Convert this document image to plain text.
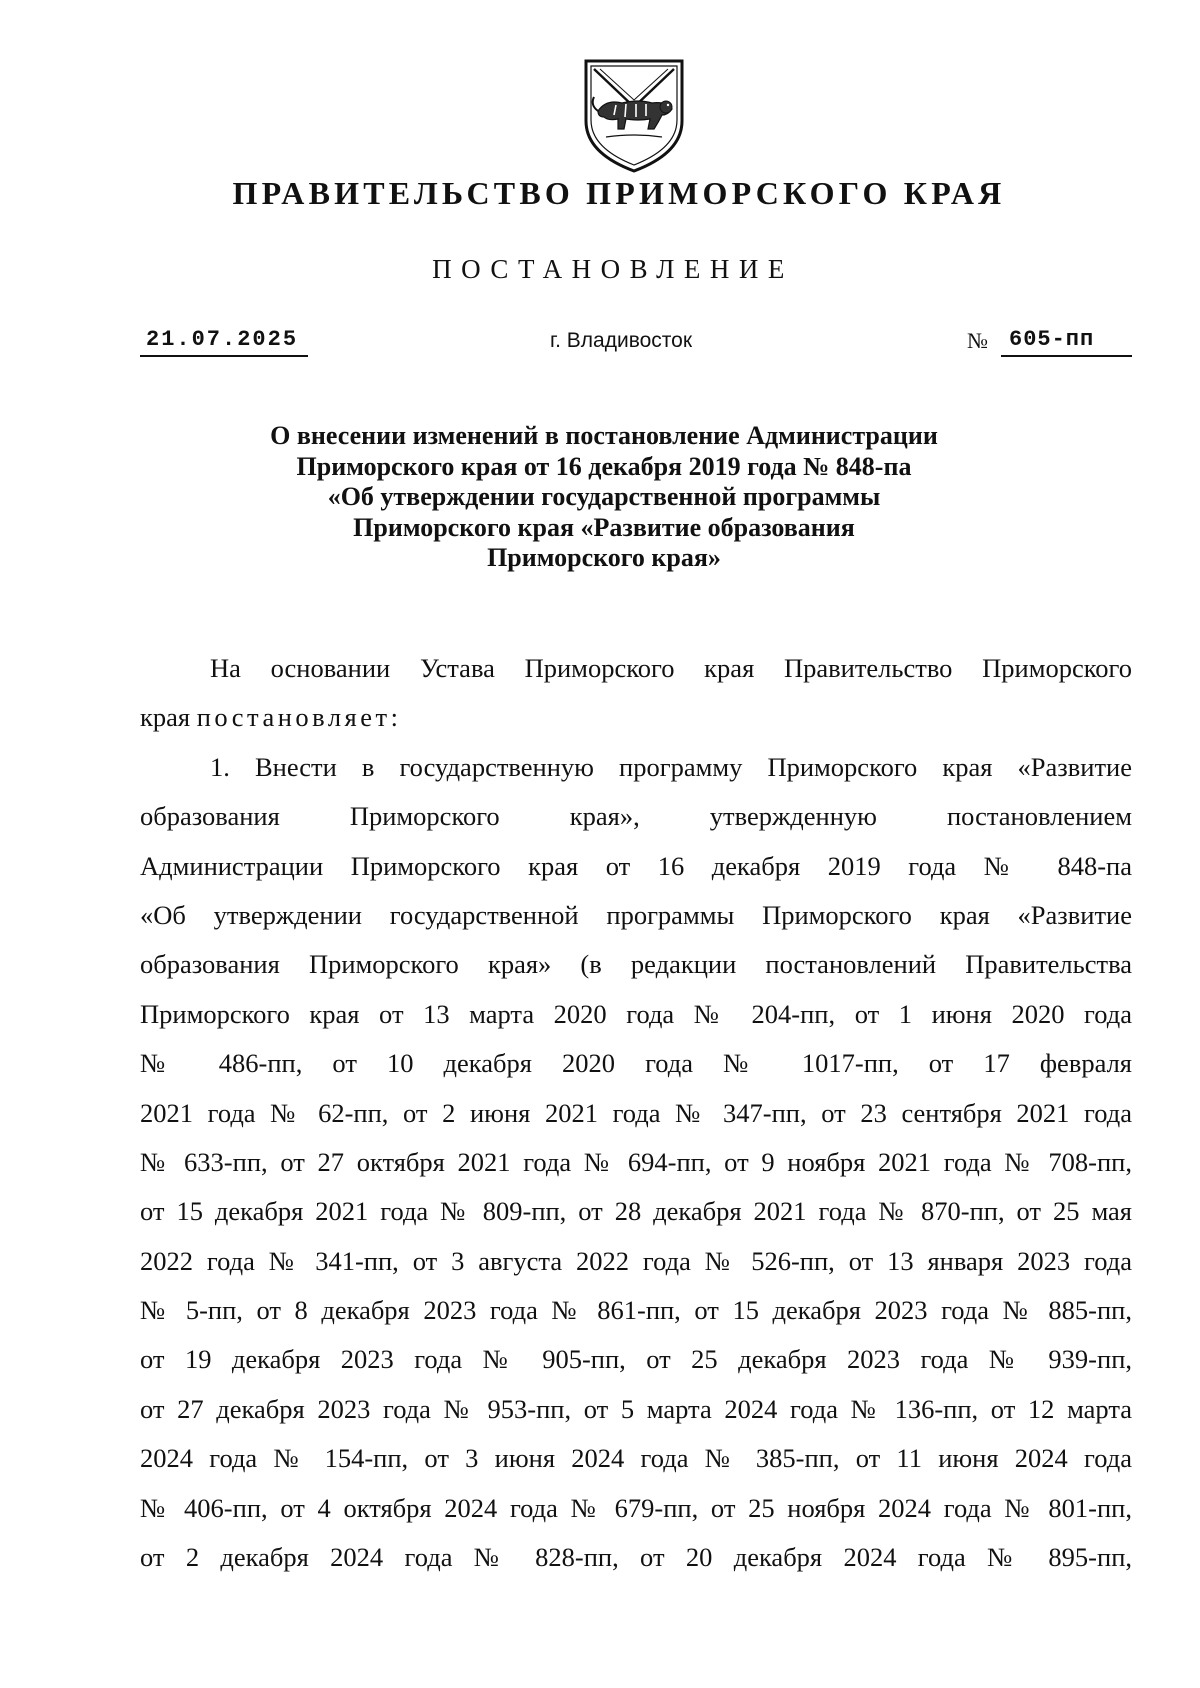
ПРАВИТЕЛЬСТВО ПРИМОРСКОГО КРАЯ
ПОСТАНОВЛЕНИЕ
21.07.2025	г. Владивосток	№ 605-пп
О внесении изменений в постановление Администрации
Приморского края от 16 декабря 2019 года № 848-па
«Об утверждении государственной программы
Приморского края «Развитие образования
Приморского края»
На основании Устава Приморского края Правительство Приморского
края постановляет:
1. Внести в государственную программу Приморского края «Развитие
образования Приморского края», утвержденную постановлением
Администрации Приморского края от 16 декабря 2019 года № 848-па
«Об утверждении государственной программы Приморского края «Развитие
образования Приморского края» (в редакции постановлений Правительства
Приморского края от 13 марта 2020 года № 204-пп, от 1 июня 2020 года
№ 486-пп, от 10 декабря 2020 года № 1017-пп, от 17 февраля
2021 года № 62-пп, от 2 июня 2021 года № 347-пп, от 23 сентября 2021 года
№ 633-пп, от 27 октября 2021 года № 694-пп, от 9 ноября 2021 года № 708-пп,
от 15 декабря 2021 года № 809-пп, от 28 декабря 2021 года № 870-пп, от 25 мая
2022 года № 341-пп, от 3 августа 2022 года № 526-пп, от 13 января 2023 года
№ 5-пп, от 8 декабря 2023 года № 861-пп, от 15 декабря 2023 года № 885-пп,
от 19 декабря 2023 года № 905-пп, от 25 декабря 2023 года № 939-пп,
от 27 декабря 2023 года № 953-пп, от 5 марта 2024 года № 136-пп, от 12 марта
2024 года № 154-пп, от 3 июня 2024 года № 385-пп, от 11 июня 2024 года
№ 406-пп, от 4 октября 2024 года № 679-пп, от 25 ноября 2024 года № 801-пп,
от 2 декабря 2024 года № 828-пп, от 20 декабря 2024 года № 895-пп,
